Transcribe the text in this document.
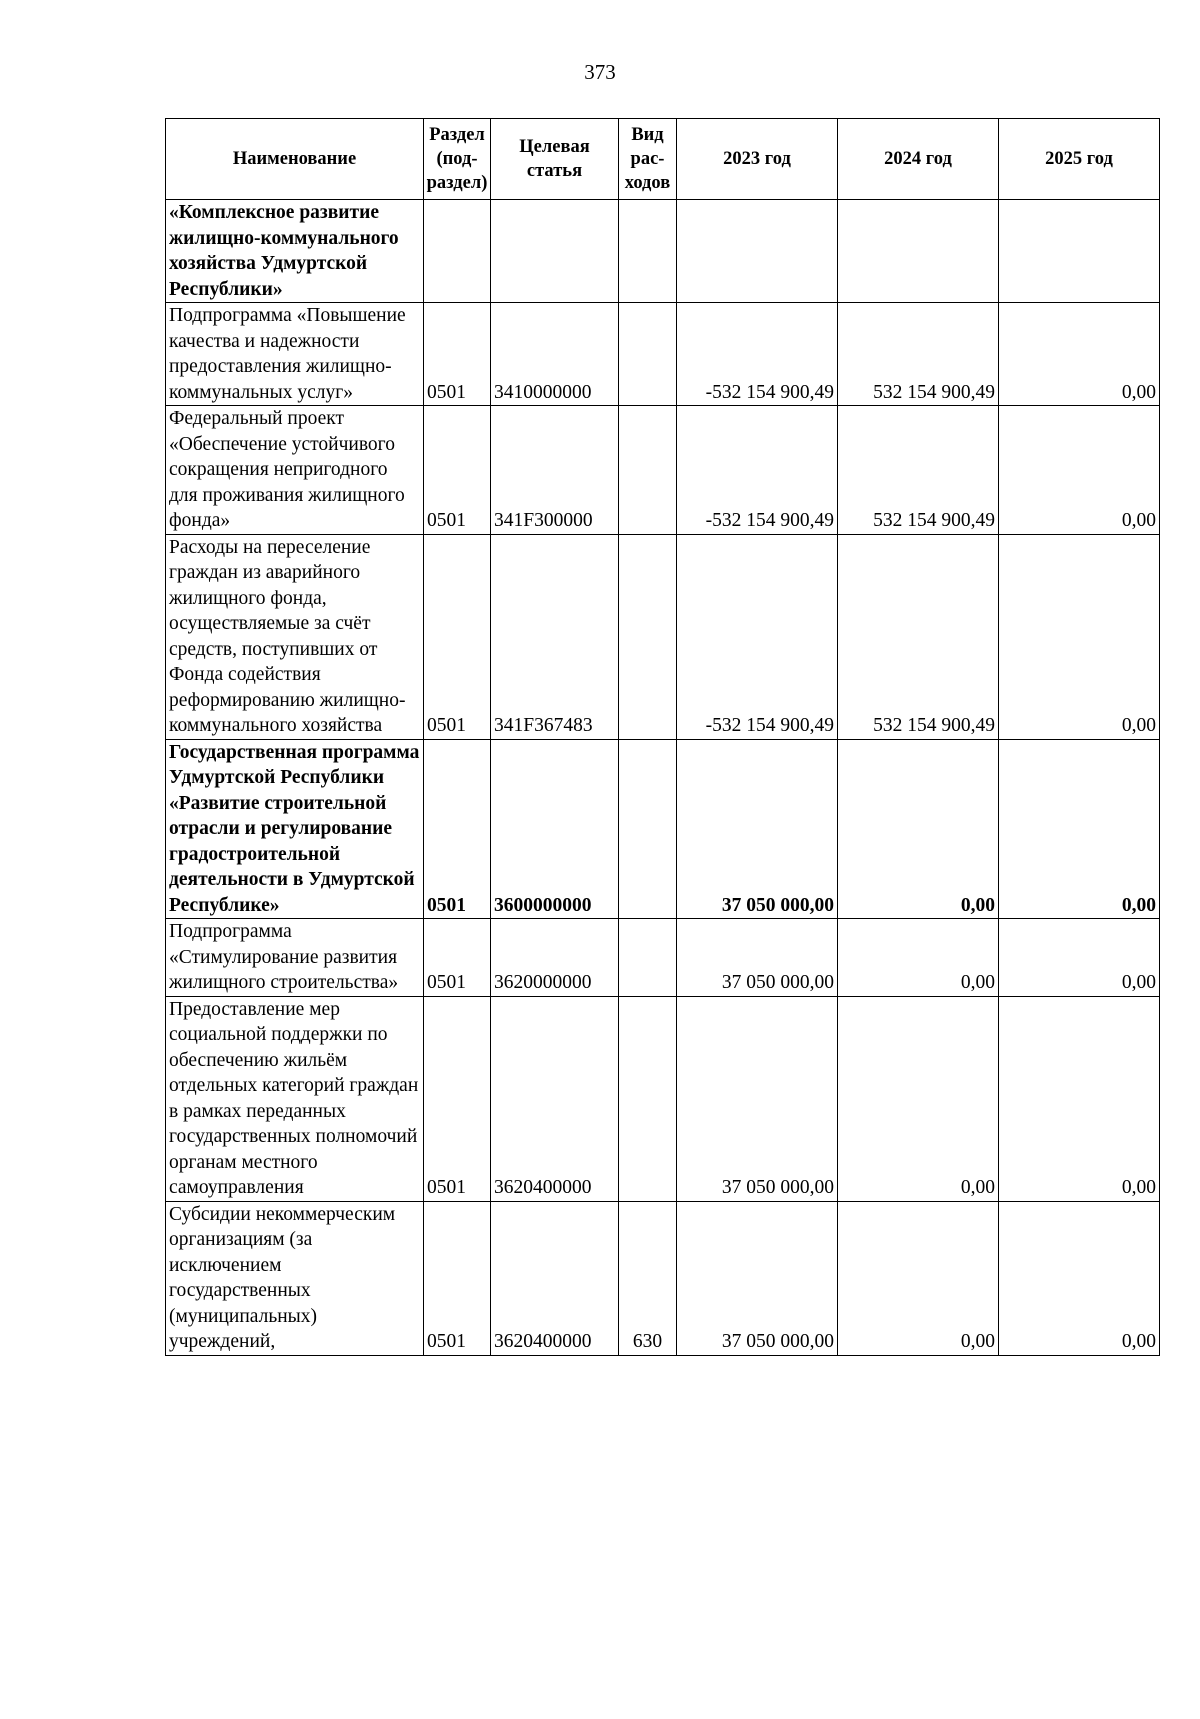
373
Наименование	Раздел (под-раздел)	Целевая статья	Вид рас-ходов	2023 год	2024 год	2025 год
«Комплексное развитие жилищно-коммунального хозяйства Удмуртской Республики»						
Подпрограмма «Повышение качества и надежности предоставления жилищно-коммунальных услуг»	0501	3410000000		-532 154 900,49	532 154 900,49	0,00
Федеральный проект «Обеспечение устойчивого сокращения непригодного для проживания жилищного фонда»	0501	341F300000		-532 154 900,49	532 154 900,49	0,00
Расходы на переселение граждан из аварийного жилищного фонда, осуществляемые за счёт средств, поступивших от Фонда содействия реформированию жилищно-коммунального хозяйства	0501	341F367483		-532 154 900,49	532 154 900,49	0,00
Государственная программа Удмуртской Республики «Развитие строительной отрасли и регулирование градостроительной деятельности в Удмуртской Республике»	0501	3600000000		37 050 000,00	0,00	0,00
Подпрограмма «Стимулирование развития жилищного строительства»	0501	3620000000		37 050 000,00	0,00	0,00
Предоставление мер социальной поддержки по обеспечению жильём отдельных категорий граждан в рамках переданных государственных полномочий органам местного самоуправления	0501	3620400000		37 050 000,00	0,00	0,00
Субсидии некоммерческим организациям (за исключением государственных (муниципальных) учреждений,	0501	3620400000	630	37 050 000,00	0,00	0,00
